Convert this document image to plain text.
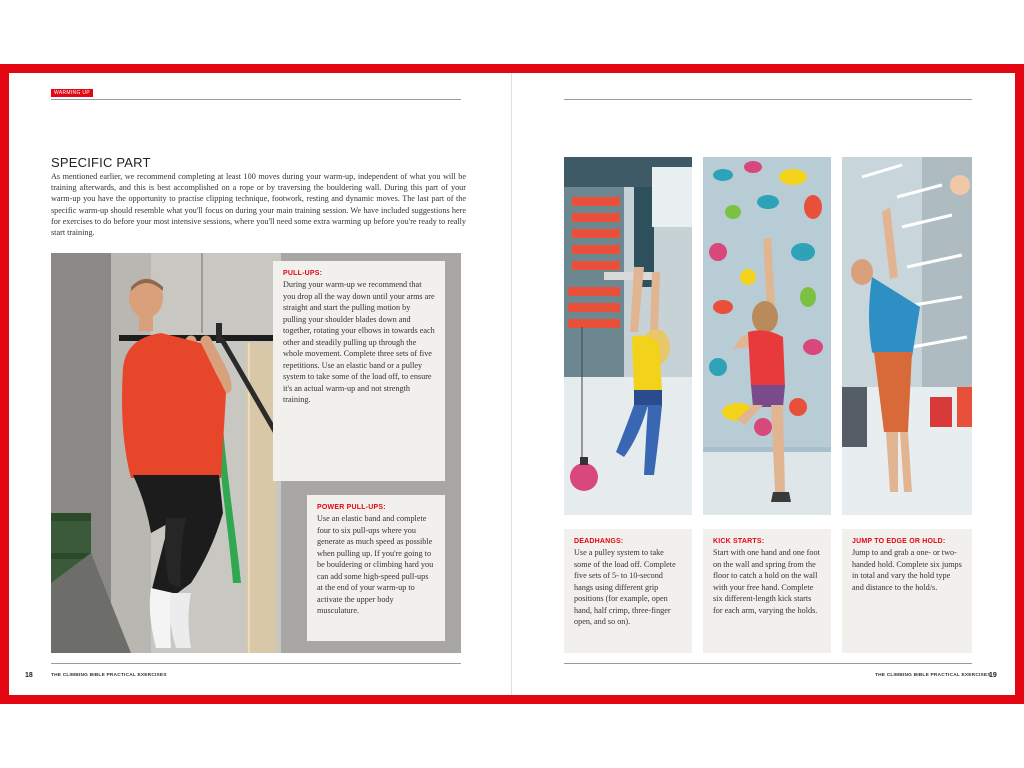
WARMING UP
SPECIFIC PART

As mentioned earlier, we recommend completing at least 100 moves during your warm-up, independent of what you will be training afterwards, and this is best accomplished on a rope or by traversing the bouldering wall. During this part of your warm-up you have the opportunity to practise clipping technique, footwork, resting and dynamic moves. The last part of the specific warm-up should resemble what you'll focus on during your main training session. We have included suggestions here for exercises to do before your most intensive sessions, where you'll need some extra warming up before you're ready to really start training.

PULL-UPS:

During your warm-up we recommend that you drop all the way down until your arms are straight and start the pulling motion by pulling your shoulder blades down and together, rotating your elbows in towards each other and steadily pulling up through the whole movement. Complete three sets of five repetitions. Use an elastic band or a pulley system to take some of the load off, to ensure it's an actual warm-up and not strength training.

POWER PULL-UPS:

Use an elastic band and complete four to six pull-ups where you generate as much speed as possible when pulling up. If you're going to be bouldering or climbing hard you can add some high-speed pull-ups at the end of your warm-up to activate the upper body musculature.

18	THE CLIMBING BIBLE PRACTICAL EXERCISES
DEADHANGS:

Use a pulley system to take some of the load off. Complete five sets of 5- to 10-second hangs using different grip positions (for example, open hand, half crimp, three-finger open, and so on).

KICK STARTS:

Start with one hand and one foot on the wall and spring from the floor to catch a hold on the wall with your free hand. Complete six different-length kick starts for each arm, varying the holds.

JUMP TO EDGE OR HOLD:

Jump to and grab a one- or two-handed hold. Complete six jumps in total and vary the hold type and distance to the hold/s.

THE CLIMBING BIBLE PRACTICAL EXERCISES
19
